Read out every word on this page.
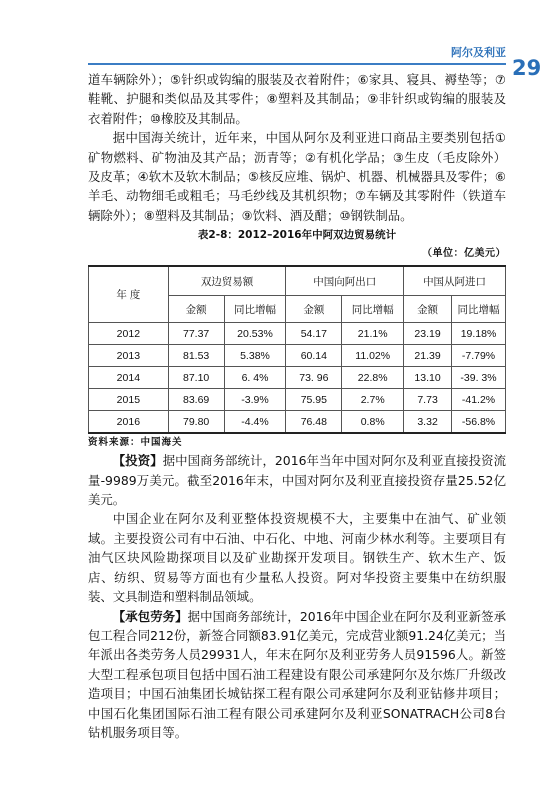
阿尔及利亚
29

道车辆除外）；⑤针织或钩编的服装及衣着附件；⑥家具、寝具、褥垫等；⑦鞋靴、护腿和类似品及其零件；⑧塑料及其制品；⑨非针织或钩编的服装及衣着附件；⑩橡胶及其制品。

据中国海关统计，近年来，中国从阿尔及利亚进口商品主要类别包括①矿物燃料、矿物油及其产品；沥青等；②有机化学品；③生皮（毛皮除外）及皮革；④软木及软木制品；⑤核反应堆、锅炉、机器、机械器具及零件；⑥羊毛、动物细毛或粗毛；马毛纱线及其机织物；⑦车辆及其零附件（铁道车辆除外）；⑧塑料及其制品；⑨饮料、酒及醋；⑩钢铁制品。

表2-8：2012–2016年中阿双边贸易统计
（单位：亿美元）
年 度	双边贸易额		中国向阿出口		中国从阿进口	
	金额	同比增幅	金额	同比增幅	金额	同比增幅
2012	77.37	20.53%	54.17	21.1%	23.19	19.18%
2013	81.53	5.38%	60.14	11.02%	21.39	-7.79%
2014	87.10	6. 4%	73. 96	22.8%	13.10	-39. 3%
2015	83.69	-3.9%	75.95	2.7%	7.73	-41.2%
2016	79.80	-4.4%	76.48	0.8%	3.32	-56.8%
资料来源：中国海关

【投资】据中国商务部统计，2016年当年中国对阿尔及利亚直接投资流量-9989万美元。截至2016年末，中国对阿尔及利亚直接投资存量25.52亿美元。

中国企业在阿尔及利亚整体投资规模不大，主要集中在油气、矿业领域。主要投资公司有中石油、中石化、中地、河南少林水利等。主要项目有油气区块风险勘探项目以及矿业勘探开发项目。钢铁生产、软木生产、饭店、纺织、贸易等方面也有少量私人投资。阿对华投资主要集中在纺织服装、文具制造和塑料制品领域。

【承包劳务】据中国商务部统计，2016年中国企业在阿尔及利亚新签承包工程合同212份，新签合同额83.91亿美元，完成营业额91.24亿美元；当年派出各类劳务人员29931人，年末在阿尔及利亚劳务人员91596人。新签大型工程承包项目包括中国石油工程建设有限公司承建阿尔及尔炼厂升级改造项目；中国石油集团长城钻探工程有限公司承建阿尔及利亚钻修井项目；中国石化集团国际石油工程有限公司承建阿尔及利亚SONATRACH公司8台钻机服务项目等。
